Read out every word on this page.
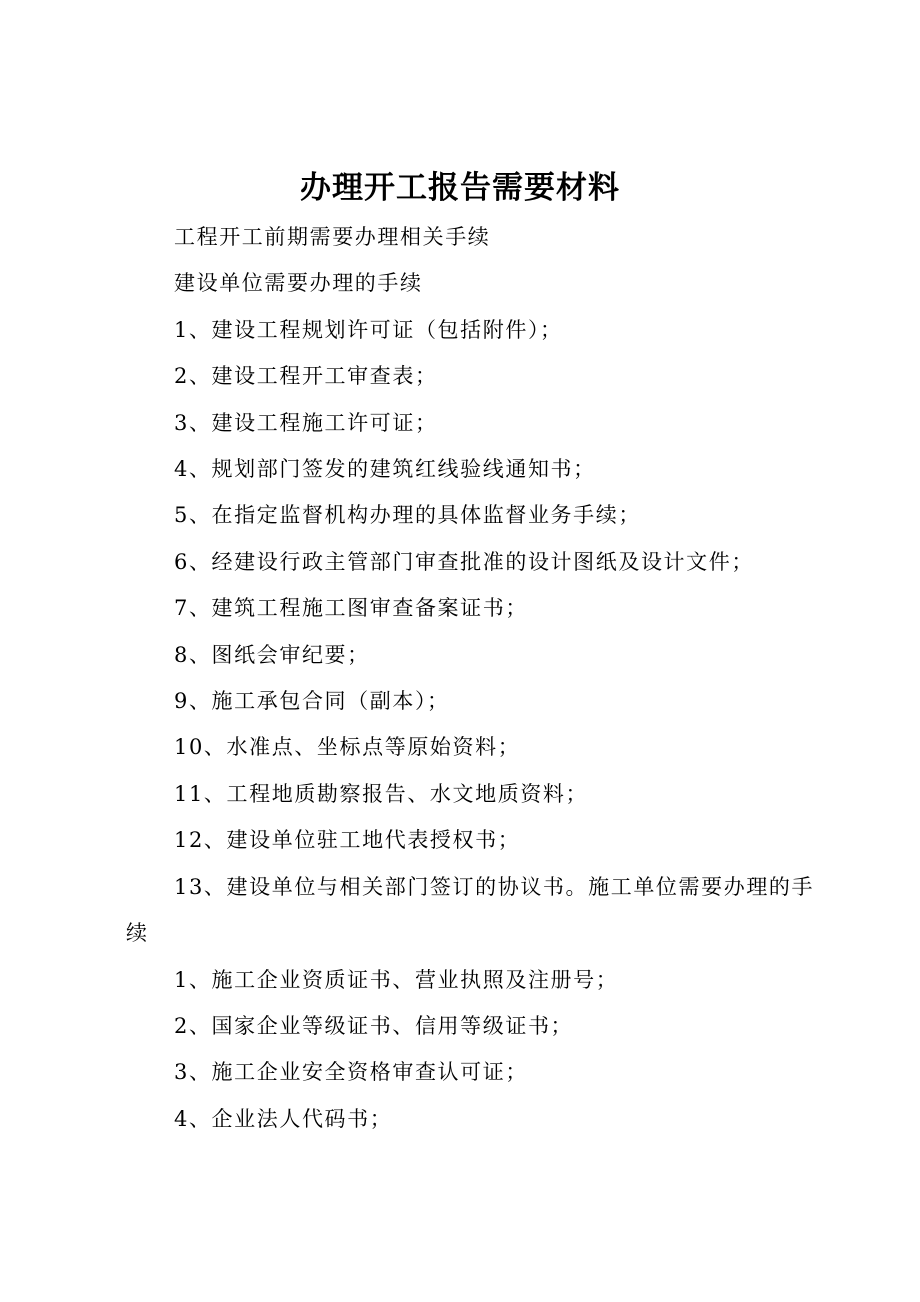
办理开工报告需要材料

工程开工前期需要办理相关手续

建设单位需要办理的手续

1、建设工程规划许可证（包括附件）；

2、建设工程开工审查表；

3、建设工程施工许可证；

4、规划部门签发的建筑红线验线通知书；

5、在指定监督机构办理的具体监督业务手续；

6、经建设行政主管部门审查批准的设计图纸及设计文件；

7、建筑工程施工图审查备案证书；

8、图纸会审纪要；

9、施工承包合同（副本）；

10、水准点、坐标点等原始资料；

11、工程地质勘察报告、水文地质资料；

12、建设单位驻工地代表授权书；

13、建设单位与相关部门签订的协议书。施工单位需要办理的手续

1、施工企业资质证书、营业执照及注册号；

2、国家企业等级证书、信用等级证书；

3、施工企业安全资格审查认可证；

4、企业法人代码书；
